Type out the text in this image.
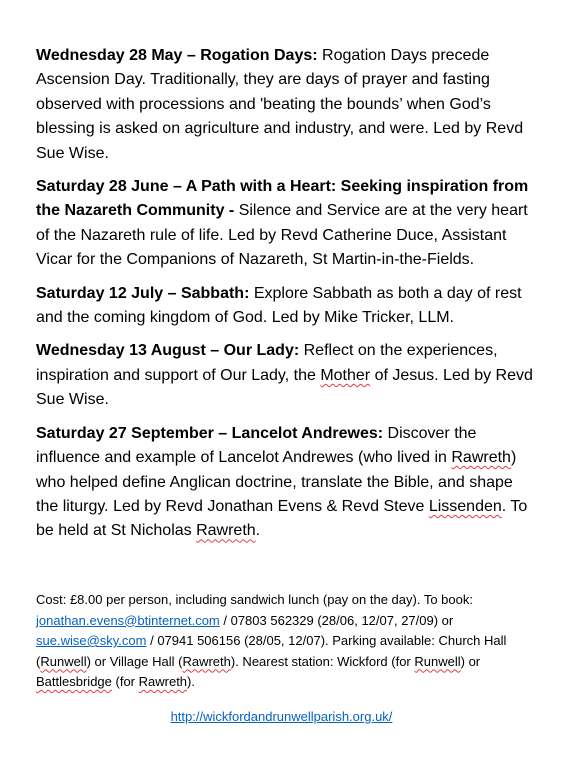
Wednesday 28 May – Rogation Days: Rogation Days precede Ascension Day. Traditionally, they are days of prayer and fasting observed with processions and 'beating the bounds’ when God’s blessing is asked on agriculture and industry, and were. Led by Revd Sue Wise.

Saturday 28 June – A Path with a Heart: Seeking inspiration from the Nazareth Community - Silence and Service are at the very heart of the Nazareth rule of life. Led by Revd Catherine Duce, Assistant Vicar for the Companions of Nazareth, St Martin-in-the-Fields.

Saturday 12 July – Sabbath: Explore Sabbath as both a day of rest and the coming kingdom of God. Led by Mike Tricker, LLM.

Wednesday 13 August – Our Lady: Reflect on the experiences, inspiration and support of Our Lady, the Mother of Jesus. Led by Revd Sue Wise.

Saturday 27 September – Lancelot Andrewes: Discover the influence and example of Lancelot Andrewes (who lived in Rawreth) who helped define Anglican doctrine, translate the Bible, and shape the liturgy. Led by Revd Jonathan Evens & Revd Steve Lissenden. To be held at St Nicholas Rawreth.

Cost: £8.00 per person, including sandwich lunch (pay on the day). To book: jonathan.evens@btinternet.com / 07803 562329 (28/06, 12/07, 27/09) or sue.wise@sky.com / 07941 506156 (28/05, 12/07). Parking available: Church Hall (Runwell) or Village Hall (Rawreth). Nearest station: Wickford (for Runwell) or Battlesbridge (for Rawreth).

http://wickfordandrunwellparish.org.uk/
